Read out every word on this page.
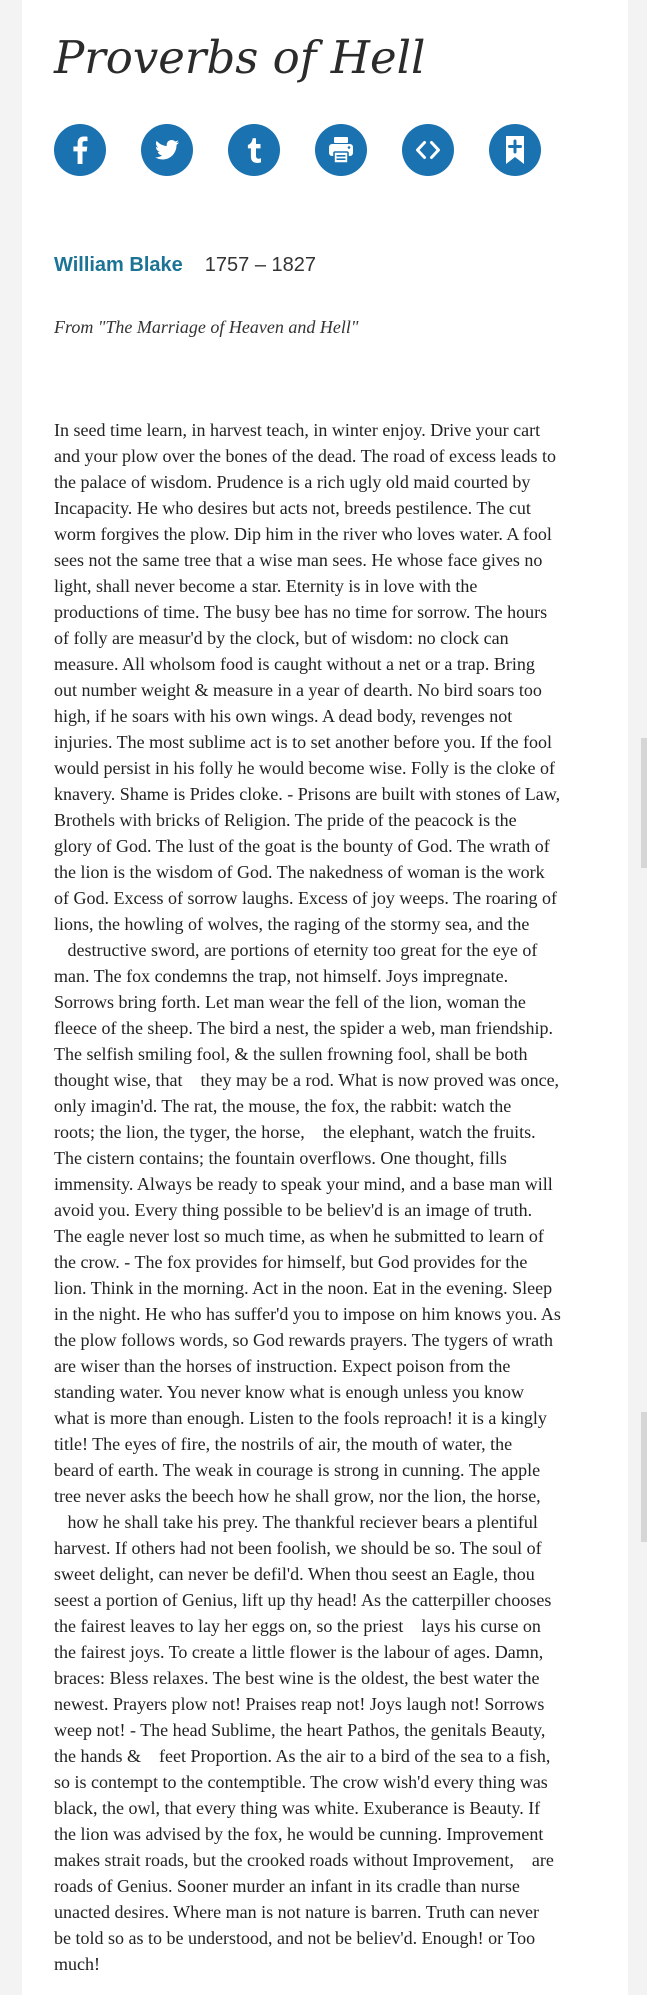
Proverbs of Hell
William Blake 1757 – 1827
From "The Marriage of Heaven and Hell"
In seed time learn, in harvest teach, in winter enjoy. Drive your cart
and your plow over the bones of the dead. The road of excess leads to
the palace of wisdom. Prudence is a rich ugly old maid courted by
Incapacity. He who desires but acts not, breeds pestilence. The cut
worm forgives the plow. Dip him in the river who loves water. A fool
sees not the same tree that a wise man sees. He whose face gives no
light, shall never become a star. Eternity is in love with the
productions of time. The busy bee has no time for sorrow. The hours
of folly are measur'd by the clock, but of wisdom: no clock can
measure. All wholsom food is caught without a net or a trap. Bring
out number weight & measure in a year of dearth. No bird soars too
high, if he soars with his own wings. A dead body, revenges not
injuries. The most sublime act is to set another before you. If the fool
would persist in his folly he would become wise. Folly is the cloke of
knavery. Shame is Prides cloke. - Prisons are built with stones of Law,
Brothels with bricks of Religion. The pride of the peacock is the
glory of God. The lust of the goat is the bounty of God. The wrath of
the lion is the wisdom of God. The nakedness of woman is the work
of God. Excess of sorrow laughs. Excess of joy weeps. The roaring of
lions, the howling of wolves, the raging of the stormy sea, and the
destructive sword, are portions of eternity too great for the eye of
man. The fox condemns the trap, not himself. Joys impregnate.
Sorrows bring forth. Let man wear the fell of the lion, woman the
fleece of the sheep. The bird a nest, the spider a web, man friendship.
The selfish smiling fool, & the sullen frowning fool, shall be both
thought wise, that    they may be a rod. What is now proved was once,
only imagin'd. The rat, the mouse, the fox, the rabbit: watch the
roots; the lion, the tyger, the horse,    the elephant, watch the fruits.
The cistern contains; the fountain overflows. One thought, fills
immensity. Always be ready to speak your mind, and a base man will
avoid you. Every thing possible to be believ'd is an image of truth.
The eagle never lost so much time, as when he submitted to learn of
the crow. - The fox provides for himself, but God provides for the
lion. Think in the morning. Act in the noon. Eat in the evening. Sleep
in the night. He who has suffer'd you to impose on him knows you. As
the plow follows words, so God rewards prayers. The tygers of wrath
are wiser than the horses of instruction. Expect poison from the
standing water. You never know what is enough unless you know
what is more than enough. Listen to the fools reproach! it is a kingly
title! The eyes of fire, the nostrils of air, the mouth of water, the
beard of earth. The weak in courage is strong in cunning. The apple
tree never asks the beech how he shall grow, nor the lion, the horse,
how he shall take his prey. The thankful reciever bears a plentiful
harvest. If others had not been foolish, we should be so. The soul of
sweet delight, can never be defil'd. When thou seest an Eagle, thou
seest a portion of Genius, lift up thy head! As the catterpiller chooses
the fairest leaves to lay her eggs on, so the priest    lays his curse on
the fairest joys. To create a little flower is the labour of ages. Damn,
braces: Bless relaxes. The best wine is the oldest, the best water the
newest. Prayers plow not! Praises reap not! Joys laugh not! Sorrows
weep not! - The head Sublime, the heart Pathos, the genitals Beauty,
the hands &    feet Proportion. As the air to a bird of the sea to a fish,
so is contempt to the contemptible. The crow wish'd every thing was
black, the owl, that every thing was white. Exuberance is Beauty. If
the lion was advised by the fox, he would be cunning. Improvement
makes strait roads, but the crooked roads without Improvement,    are
roads of Genius. Sooner murder an infant in its cradle than nurse
unacted desires. Where man is not nature is barren. Truth can never
be told so as to be understood, and not be believ'd. Enough! or Too
much!
